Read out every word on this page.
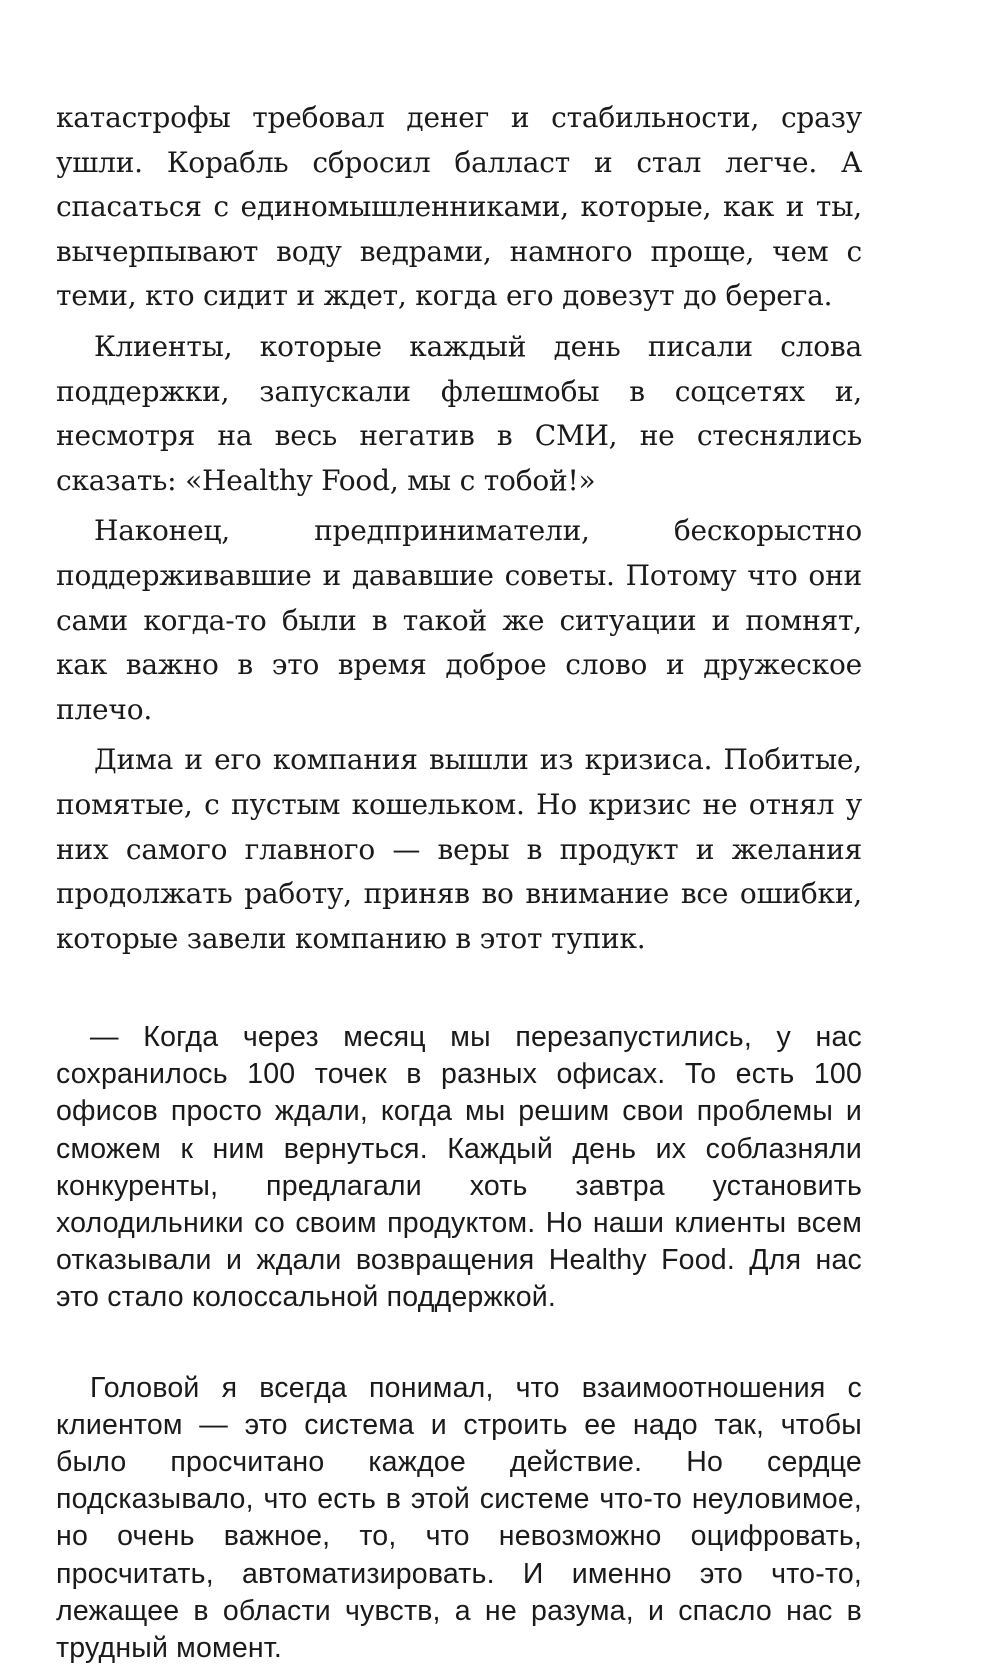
катастрофы требовал денег и стабильности, сразу ушли. Корабль сбросил балласт и стал легче. А спасаться с единомышленниками, которые, как и ты, вычерпывают воду ведрами, намного проще, чем с теми, кто сидит и ждет, когда его довезут до берега.

Клиенты, которые каждый день писали слова поддержки, запускали флешмобы в соцсетях и, несмотря на весь негатив в СМИ, не стеснялись сказать: «Healthy Food, мы с тобой!»

Наконец, предприниматели, бескорыстно поддерживавшие и дававшие советы. Потому что они сами когда-то были в такой же ситуации и помнят, как важно в это время доброе слово и дружеское плечо.

Дима и его компания вышли из кризиса. Побитые, помятые, с пустым кошельком. Но кризис не отнял у них самого главного — веры в продукт и желания продолжать работу, приняв во внимание все ошибки, которые завели компанию в этот тупик.

— Когда через месяц мы перезапустились, у нас сохранилось 100 точек в разных офисах. То есть 100 офисов просто ждали, когда мы решим свои проблемы и сможем к ним вернуться. Каждый день их соблазняли конкуренты, предлагали хоть завтра установить холодильники со своим продуктом. Но наши клиенты всем отказывали и ждали возвращения Healthy Food. Для нас это стало колоссальной поддержкой.

Головой я всегда понимал, что взаимоотношения с клиентом — это система и строить ее надо так, чтобы было просчитано каждое действие. Но сердце подсказывало, что есть в этой системе что-то неуловимое, но очень важное, то, что невозможно оцифровать, просчитать, автоматизировать. И именно это что-то, лежащее в области чувств, а не разума, и спасло нас в трудный момент.
